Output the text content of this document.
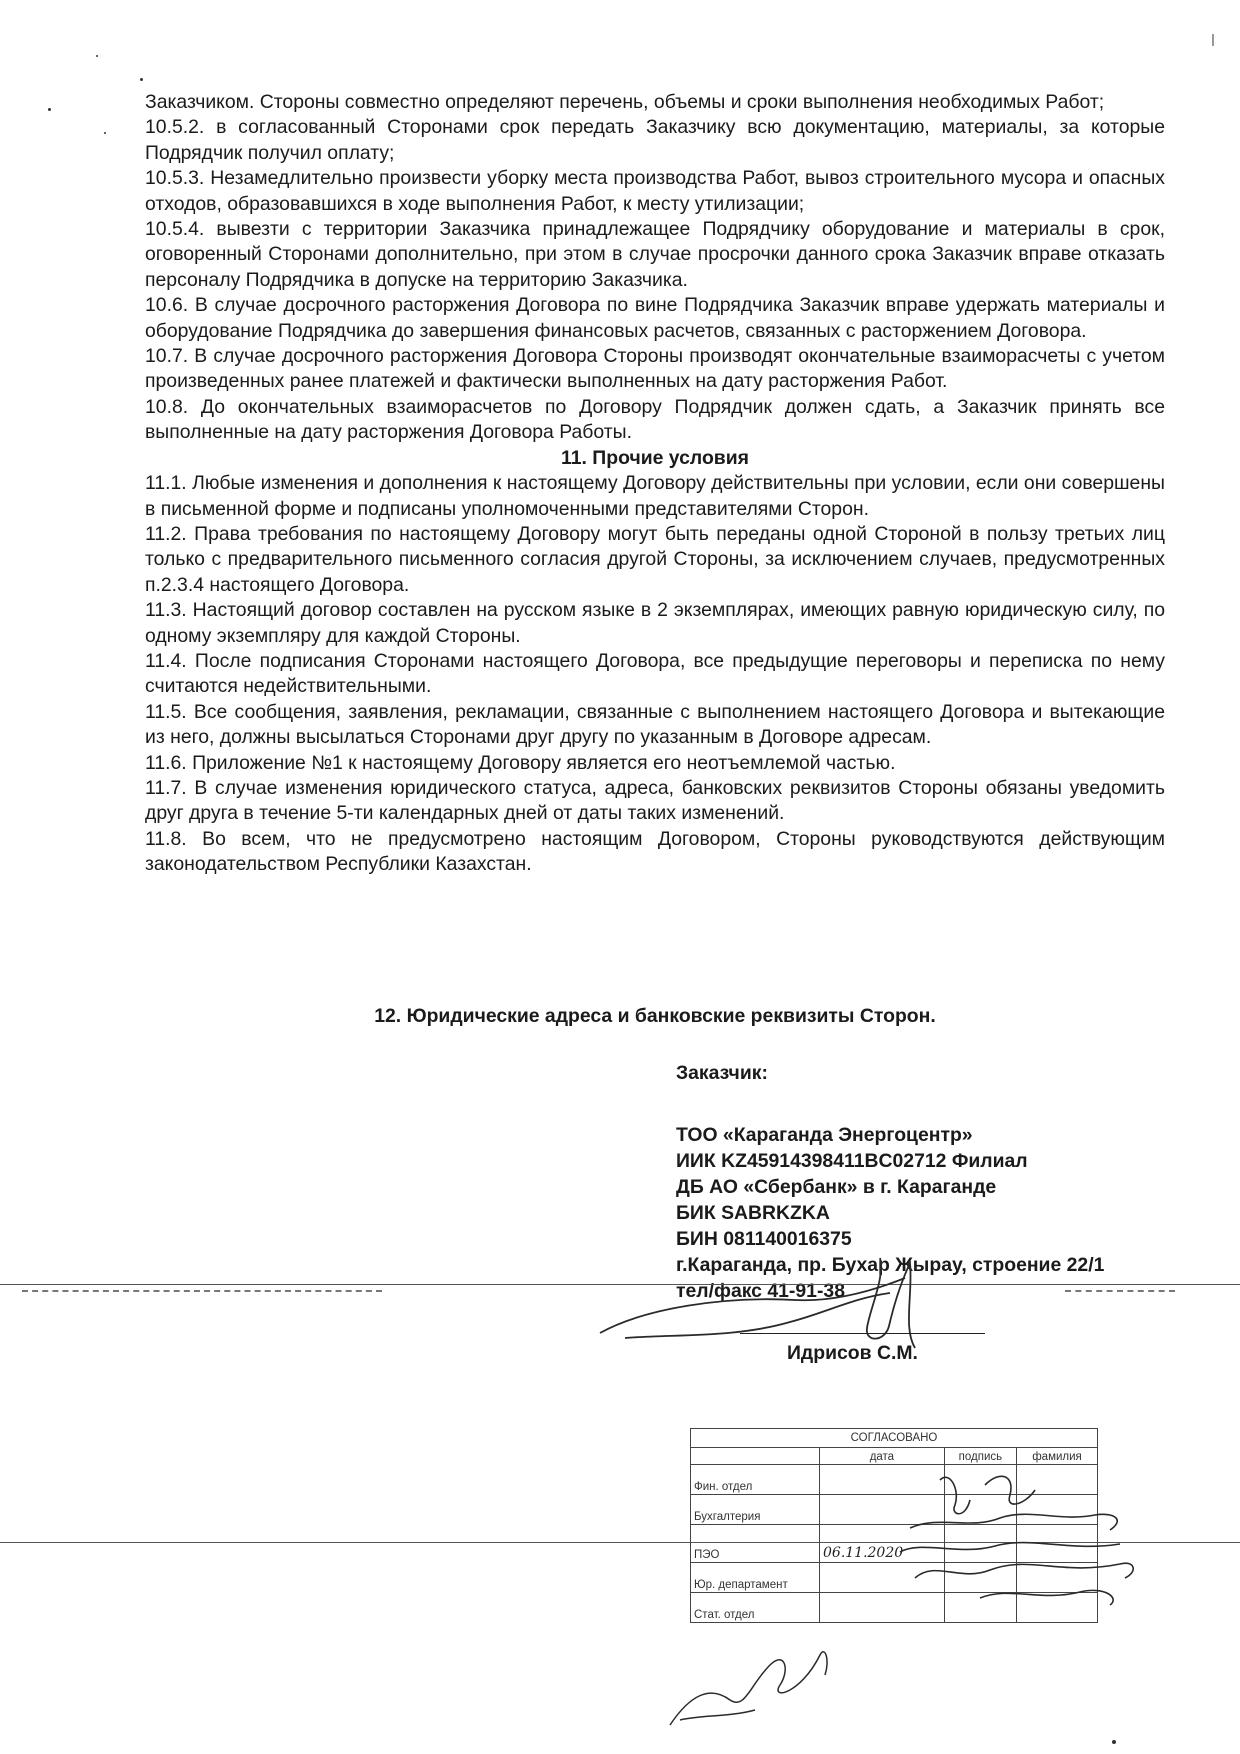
Заказчиком. Стороны совместно определяют перечень, объемы и сроки выполнения необходимых Работ;

10.5.2. в согласованный Сторонами срок передать Заказчику всю документацию, материалы, за которые Подрядчик получил оплату;

10.5.3. Незамедлительно произвести уборку места производства Работ, вывоз строительного мусора и опасных отходов, образовавшихся в ходе выполнения Работ, к месту утилизации;

10.5.4. вывезти с территории Заказчика принадлежащее Подрядчику оборудование и материалы в срок, оговоренный Сторонами дополнительно, при этом в случае просрочки данного срока Заказчик вправе отказать персоналу Подрядчика в допуске на территорию Заказчика.

10.6. В случае досрочного расторжения Договора по вине Подрядчика Заказчик вправе удержать материалы и оборудование Подрядчика до завершения финансовых расчетов, связанных с расторжением Договора.

10.7. В случае досрочного расторжения Договора Стороны производят окончательные взаиморасчеты с учетом произведенных ранее платежей и фактически выполненных на дату расторжения Работ.

10.8. До окончательных взаиморасчетов по Договору Подрядчик должен сдать, а Заказчик принять все выполненные на дату расторжения Договора Работы.

11. Прочие условия

11.1. Любые изменения и дополнения к настоящему Договору действительны при условии, если они совершены в письменной форме и подписаны уполномоченными представителями Сторон.

11.2. Права требования по настоящему Договору могут быть переданы одной Стороной в пользу третьих лиц только с предварительного письменного согласия другой Стороны, за исключением случаев, предусмотренных п.2.3.4 настоящего Договора.

11.3. Настоящий договор составлен на русском языке в 2 экземплярах, имеющих равную юридическую силу, по одному экземпляру для каждой Стороны.

11.4. После подписания Сторонами настоящего Договора, все предыдущие переговоры и переписка по нему считаются недействительными.

11.5. Все сообщения, заявления, рекламации, связанные с выполнением настоящего Договора и вытекающие из него, должны высылаться Сторонами друг другу по указанным в Договоре адресам.

11.6. Приложение №1 к настоящему Договору является его неотъемлемой частью.

11.7. В случае изменения юридического статуса, адреса, банковских реквизитов Стороны обязаны уведомить друг друга в течение 5-ти календарных дней от даты таких изменений.

11.8. Во всем, что не предусмотрено настоящим Договором, Стороны руководствуются действующим законодательством Республики Казахстан.

12. Юридические адреса и банковские реквизиты Сторон.

Заказчик:

ТОО «Караганда Энергоцентр»

ИИК KZ45914398411BC02712 Филиал

ДБ АО «Сбербанк» в г. Караганде

БИК SABRKZKA

БИН 081140016375

г.Караганда, пр. Бухар Жырау, строение 22/1

тел/факс 41-91-38

Идрисов С.М.
СОГЛАСОВАНО			
	дата	подпись	фамилия
Фин. отдел			
Бухгалтерия			
ПЭО	06.11.2020		
Юр. департамент			
Стат. отдел			
